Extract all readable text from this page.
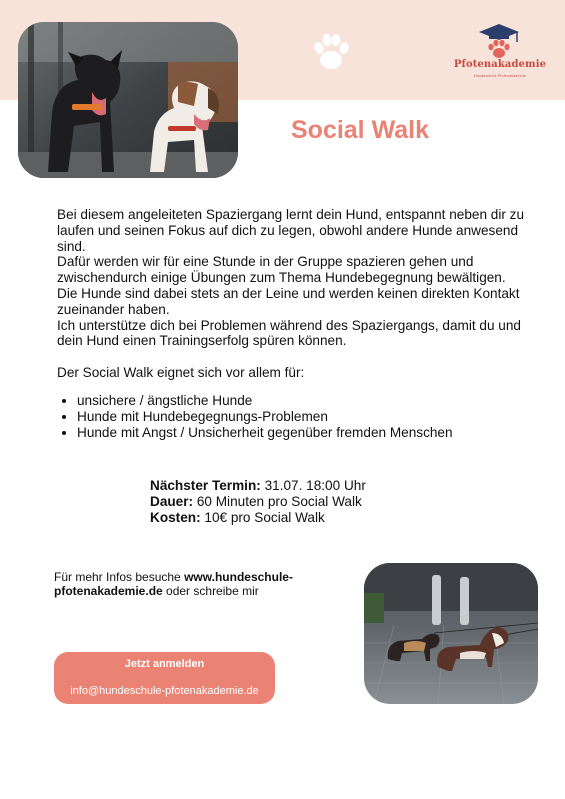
Pfotenakademie
Hundeschule Pfotenakademie
Social Walk

Bei diesem angeleiteten Spaziergang lernt dein Hund, entspannt neben dir zu laufen und seinen Fokus auf dich zu legen, obwohl andere Hunde anwesend sind.

Dafür werden wir für eine Stunde in der Gruppe spazieren gehen und zwischendurch einige Übungen zum Thema Hundebegegnung bewältigen.

Die Hunde sind dabei stets an der Leine und werden keinen direkten Kontakt zueinander haben.

Ich unterstütze dich bei Problemen während des Spaziergangs, damit du und dein Hund einen Trainingserfolg spüren können.

Der Social Walk eignet sich vor allem für:

• unsichere / ängstliche Hunde
• Hunde mit Hundebegegnungs-Problemen
• Hunde mit Angst / Unsicherheit gegenüber fremden Menschen
Nächster Termin: 31.07. 18:00 Uhr
Dauer: 60 Minuten pro Social Walk
Kosten: 10€ pro Social Walk
Für mehr Infos besuche www.hundeschule-pfotenakademie.de oder schreibe mir
Jetzt anmelden
info@hundeschule-pfotenakademie.de
